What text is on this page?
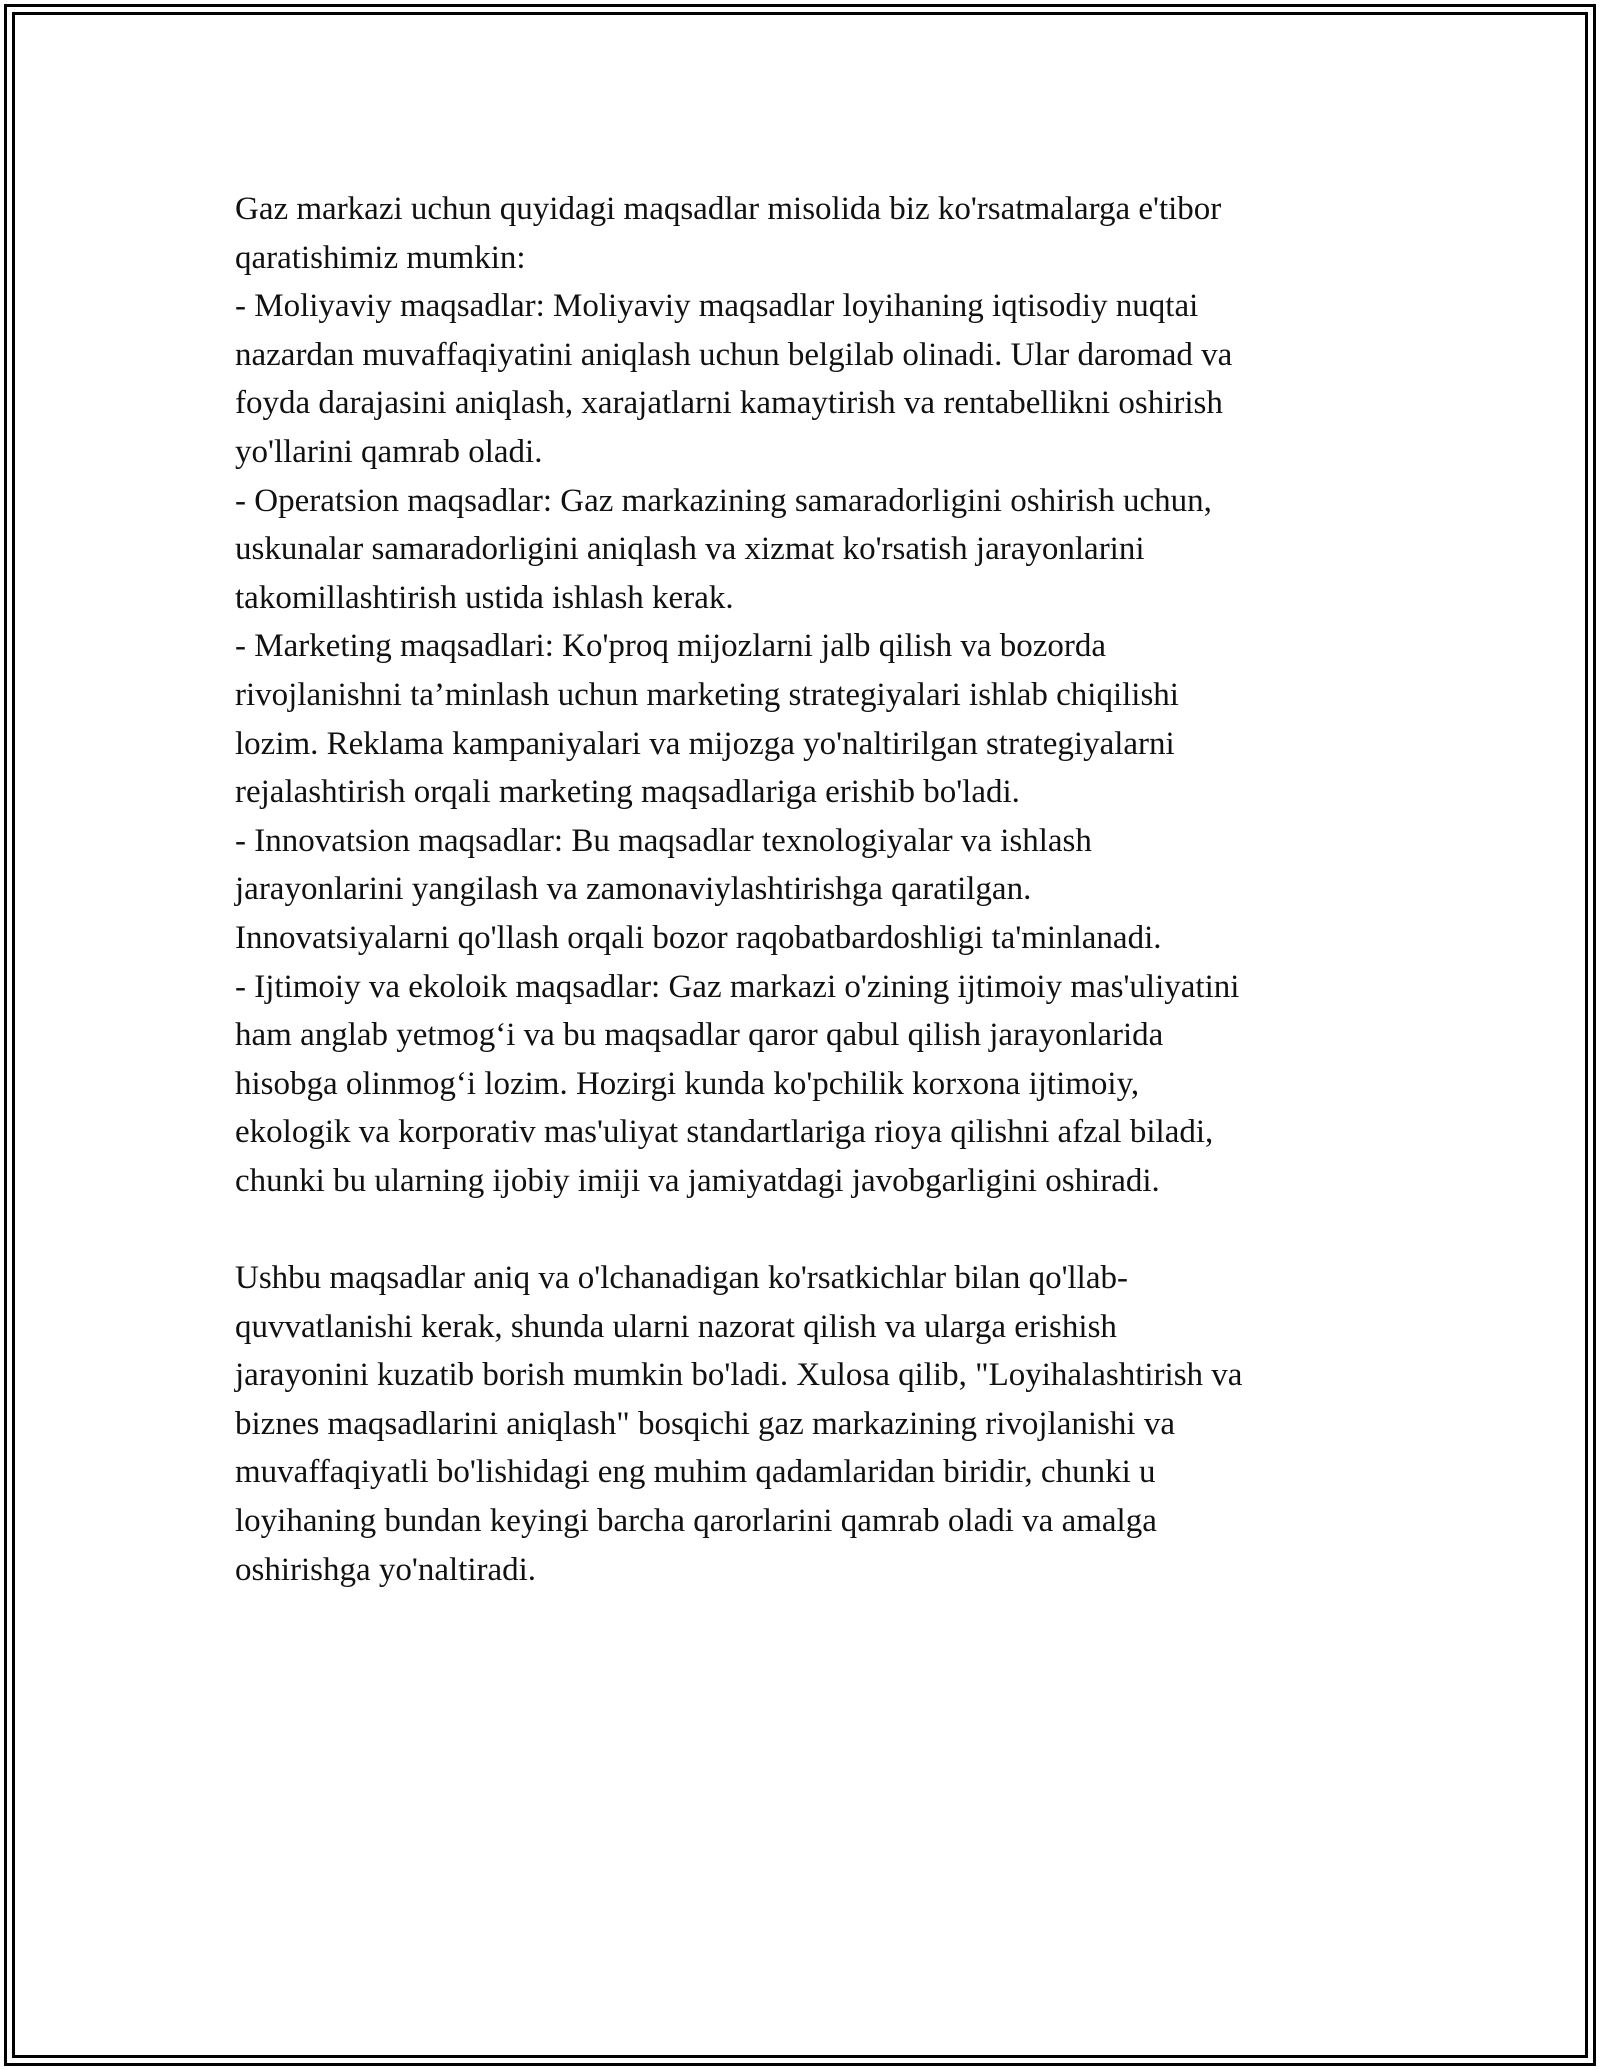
Gaz markazi uchun quyidagi maqsadlar misolida biz ko'rsatmalarga e'tibor
qaratishimiz mumkin:
- Moliyaviy maqsadlar: Moliyaviy maqsadlar loyihaning iqtisodiy nuqtai
nazardan muvaffaqiyatini aniqlash uchun belgilab olinadi. Ular daromad va
foyda darajasini aniqlash, xarajatlarni kamaytirish va rentabellikni oshirish
yo'llarini qamrab oladi.
- Operatsion maqsadlar: Gaz markazining samaradorligini oshirish uchun,
uskunalar samaradorligini aniqlash va xizmat ko'rsatish jarayonlarini
takomillashtirish ustida ishlash kerak.
- Marketing maqsadlari: Ko'proq mijozlarni jalb qilish va bozorda
rivojlanishni ta’minlash uchun marketing strategiyalari ishlab chiqilishi
lozim. Reklama kampaniyalari va mijozga yo'naltirilgan strategiyalarni
rejalashtirish orqali marketing maqsadlariga erishib bo'ladi.
- Innovatsion maqsadlar: Bu maqsadlar texnologiyalar va ishlash
jarayonlarini yangilash va zamonaviylashtirishga qaratilgan.
Innovatsiyalarni qo'llash orqali bozor raqobatbardoshligi ta'minlanadi.
- Ijtimoiy va ekoloik maqsadlar: Gaz markazi o'zining ijtimoiy mas'uliyatini
ham anglab yetmog‘i va bu maqsadlar qaror qabul qilish jarayonlarida
hisobga olinmog‘i lozim. Hozirgi kunda ko'pchilik korxona ijtimoiy,
ekologik va korporativ mas'uliyat standartlariga rioya qilishni afzal biladi,
chunki bu ularning ijobiy imiji va jamiyatdagi javobgarligini oshiradi.

Ushbu maqsadlar aniq va o'lchanadigan ko'rsatkichlar bilan qo'llab-
quvvatlanishi kerak, shunda ularni nazorat qilish va ularga erishish
jarayonini kuzatib borish mumkin bo'ladi. Xulosa qilib, "Loyihalashtirish va
biznes maqsadlarini aniqlash" bosqichi gaz markazining rivojlanishi va
muvaffaqiyatli bo'lishidagi eng muhim qadamlaridan biridir, chunki u
loyihaning bundan keyingi barcha qarorlarini qamrab oladi va amalga
oshirishga yo'naltiradi.
